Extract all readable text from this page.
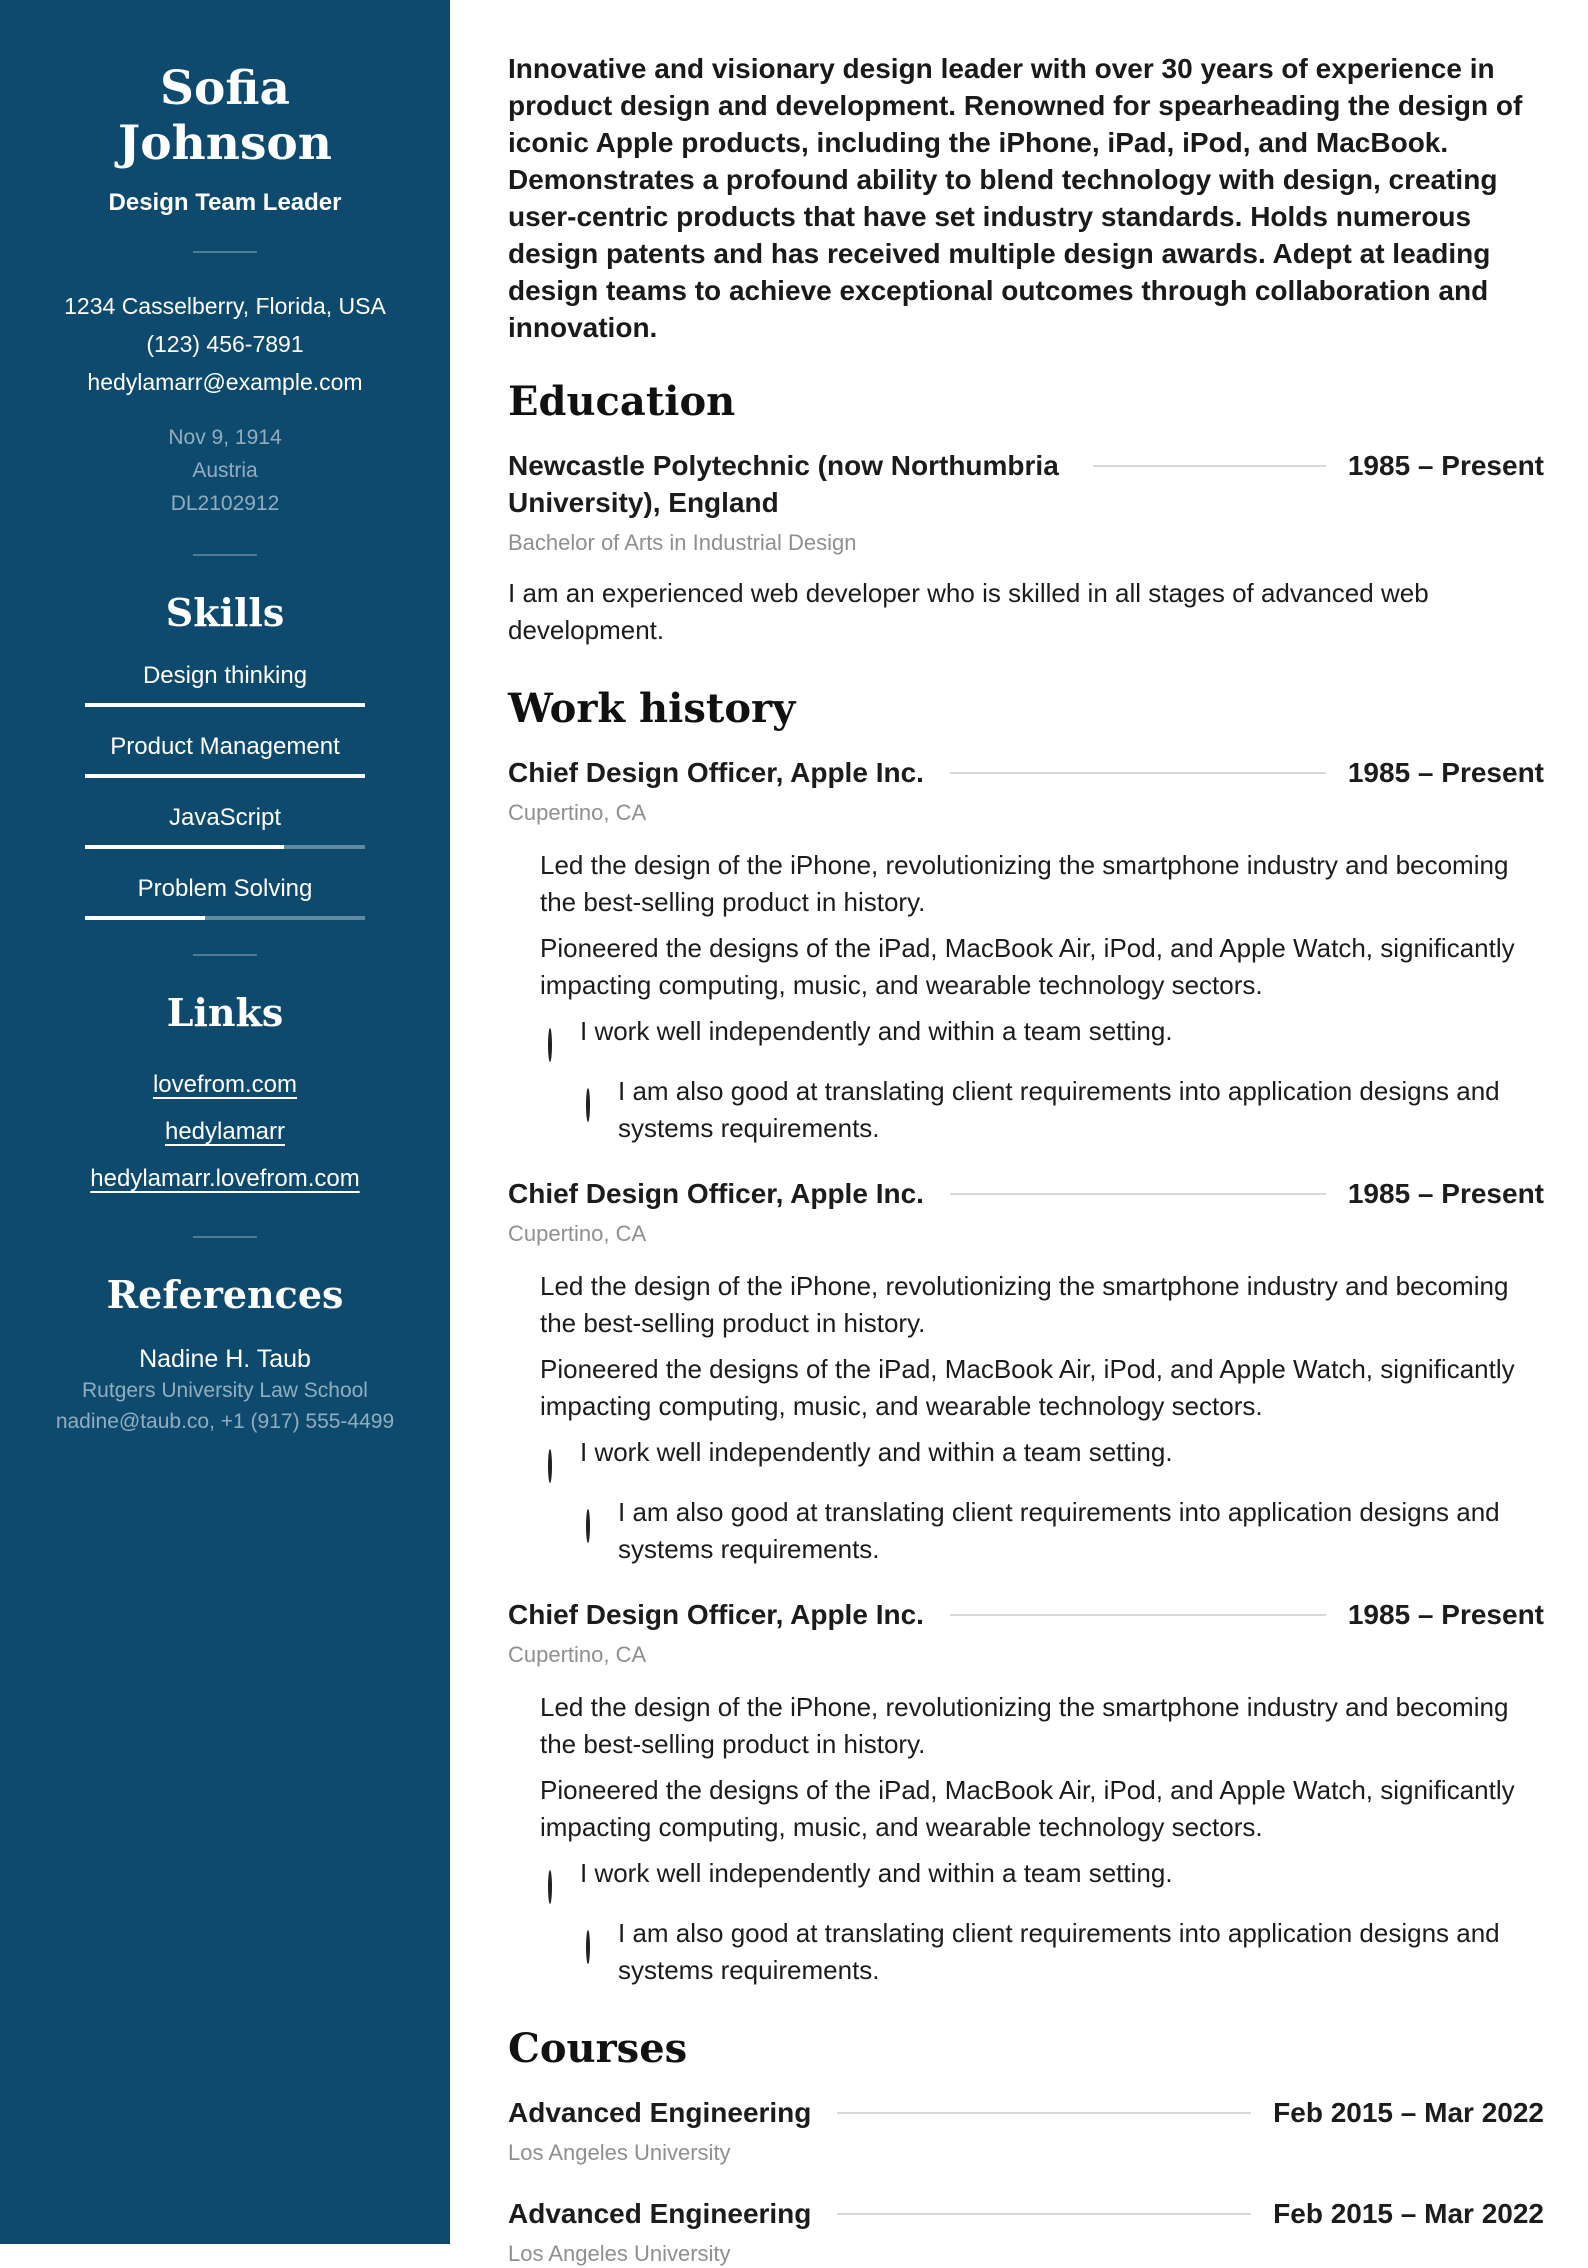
Sofia Johnson
Design Team Leader
1234 Casselberry, Florida, USA
(123) 456-7891
hedylamarr@example.com
Nov 9, 1914
Austria
DL2102912
Skills
Design thinking
Product Management
JavaScript
Problem Solving
Links
lovefrom.com
hedylamarr
hedylamarr.lovefrom.com
References
Nadine H. Taub
Rutgers University Law School
nadine@taub.co, +1 (917) 555-4499

Innovative and visionary design leader with over 30 years of experience in product design and development. Renowned for spearheading the design of iconic Apple products, including the iPhone, iPad, iPod, and MacBook. Demonstrates a profound ability to blend technology with design, creating user-centric products that have set industry standards. Holds numerous design patents and has received multiple design awards. Adept at leading design teams to achieve exceptional outcomes through collaboration and innovation.

Education
Newcastle Polytechnic (now Northumbria University), England
1985 – Present
Bachelor of Arts in Industrial Design
I am an experienced web developer who is skilled in all stages of advanced web development.
Work history
Chief Design Officer, Apple Inc.	1985 – Present
Cupertino, CA
Led the design of the iPhone, revolutionizing the smartphone industry and becoming the best-selling product in history.
Pioneered the designs of the iPad, MacBook Air, iPod, and Apple Watch, significantly impacting computing, music, and wearable technology sectors.
I work well independently and within a team setting.
I am also good at translating client requirements into application designs and systems requirements.
Chief Design Officer, Apple Inc.	1985 – Present
Cupertino, CA
Led the design of the iPhone, revolutionizing the smartphone industry and becoming the best-selling product in history.
Pioneered the designs of the iPad, MacBook Air, iPod, and Apple Watch, significantly impacting computing, music, and wearable technology sectors.
I work well independently and within a team setting.
I am also good at translating client requirements into application designs and systems requirements.
Chief Design Officer, Apple Inc.	1985 – Present
Cupertino, CA
Led the design of the iPhone, revolutionizing the smartphone industry and becoming the best-selling product in history.
Pioneered the designs of the iPad, MacBook Air, iPod, and Apple Watch, significantly impacting computing, music, and wearable technology sectors.
I work well independently and within a team setting.
I am also good at translating client requirements into application designs and systems requirements.
Courses
Advanced Engineering	Feb 2015 – Mar 2022
Los Angeles University
Advanced Engineering	Feb 2015 – Mar 2022
Los Angeles University
